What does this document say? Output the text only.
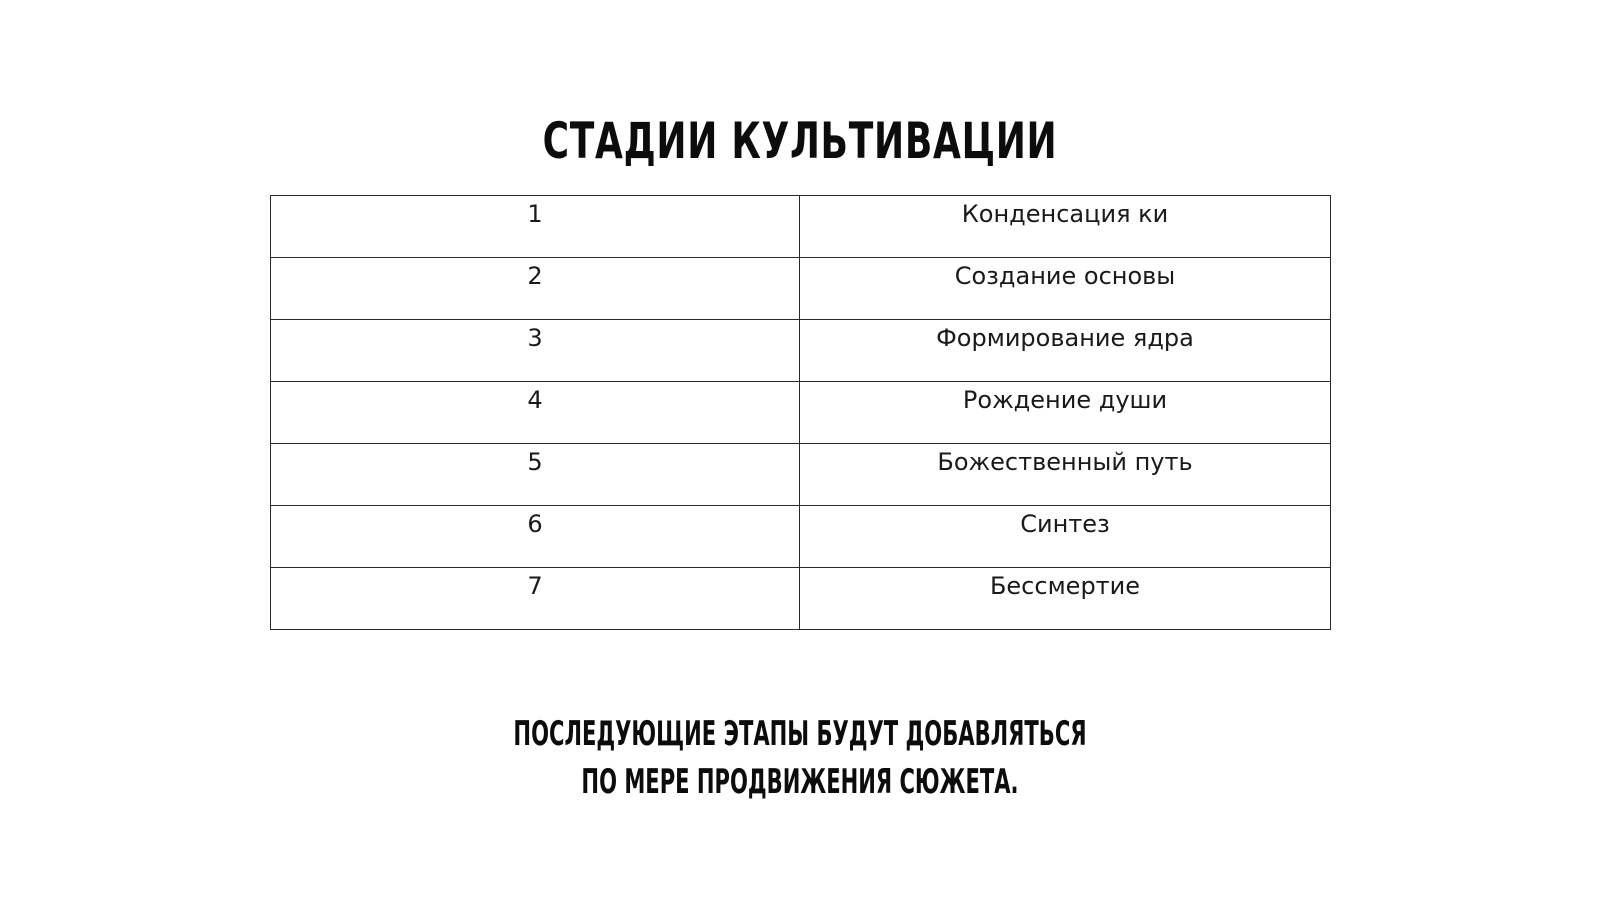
СТАДИИ КУЛЬТИВАЦИИ
1	Конденсация ки

2	Создание основы

3	Формирование ядра

4	Рождение души

5	Божественный путь

6	Синтез

7	Бессмертие
ПОСЛЕДУЮЩИЕ ЭТАПЫ БУДУТ ДОБАВЛЯТЬСЯ
ПО МЕРЕ ПРОДВИЖЕНИЯ СЮЖЕТА.
